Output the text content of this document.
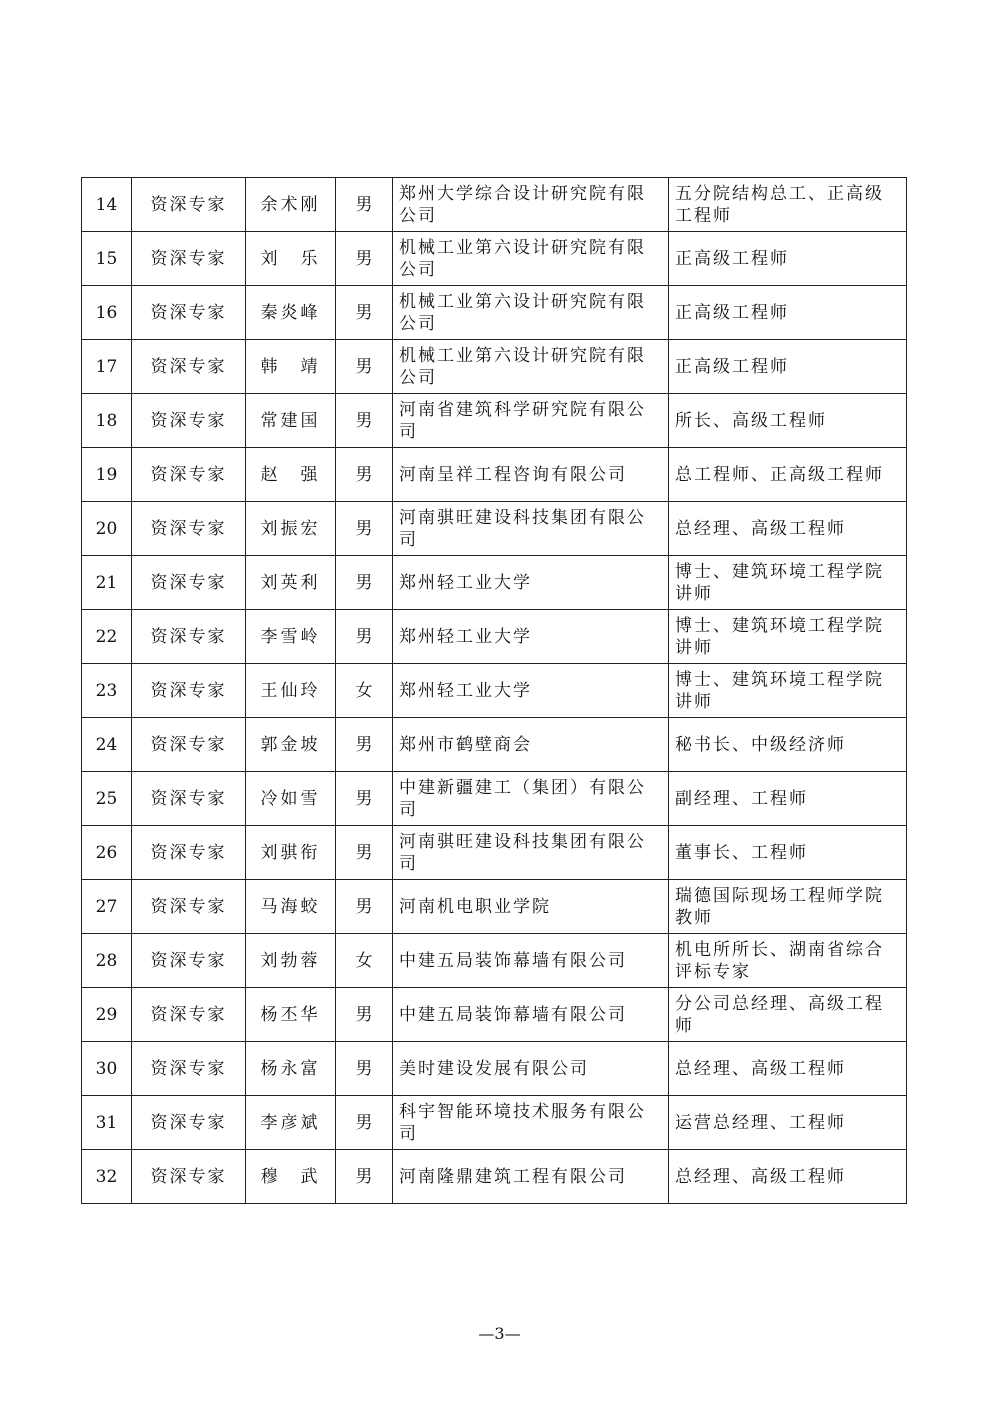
14	资深专家	余术刚	男	郑州大学综合设计研究院有限公司	五分院结构总工、正高级工程师
15	资深专家	刘　乐	男	机械工业第六设计研究院有限公司	正高级工程师
16	资深专家	秦炎峰	男	机械工业第六设计研究院有限公司	正高级工程师
17	资深专家	韩　靖	男	机械工业第六设计研究院有限公司	正高级工程师
18	资深专家	常建国	男	河南省建筑科学研究院有限公司	所长、高级工程师
19	资深专家	赵　强	男	河南呈祥工程咨询有限公司	总工程师、正高级工程师
20	资深专家	刘振宏	男	河南骐旺建设科技集团有限公司	总经理、高级工程师
21	资深专家	刘英利	男	郑州轻工业大学	博士、建筑环境工程学院讲师
22	资深专家	李雪岭	男	郑州轻工业大学	博士、建筑环境工程学院讲师
23	资深专家	王仙玲	女	郑州轻工业大学	博士、建筑环境工程学院讲师
24	资深专家	郭金坡	男	郑州市鹤壁商会	秘书长、中级经济师
25	资深专家	冷如雪	男	中建新疆建工（集团）有限公司	副经理、工程师
26	资深专家	刘骐衔	男	河南骐旺建设科技集团有限公司	董事长、工程师
27	资深专家	马海蛟	男	河南机电职业学院	瑞德国际现场工程师学院教师
28	资深专家	刘勃蓉	女	中建五局装饰幕墙有限公司	机电所所长、湖南省综合评标专家
29	资深专家	杨丕华	男	中建五局装饰幕墙有限公司	分公司总经理、高级工程师
30	资深专家	杨永富	男	美时建设发展有限公司	总经理、高级工程师
31	资深专家	李彦斌	男	科宇智能环境技术服务有限公司	运营总经理、工程师
32	资深专家	穆　武	男	河南隆鼎建筑工程有限公司	总经理、高级工程师
—3—
